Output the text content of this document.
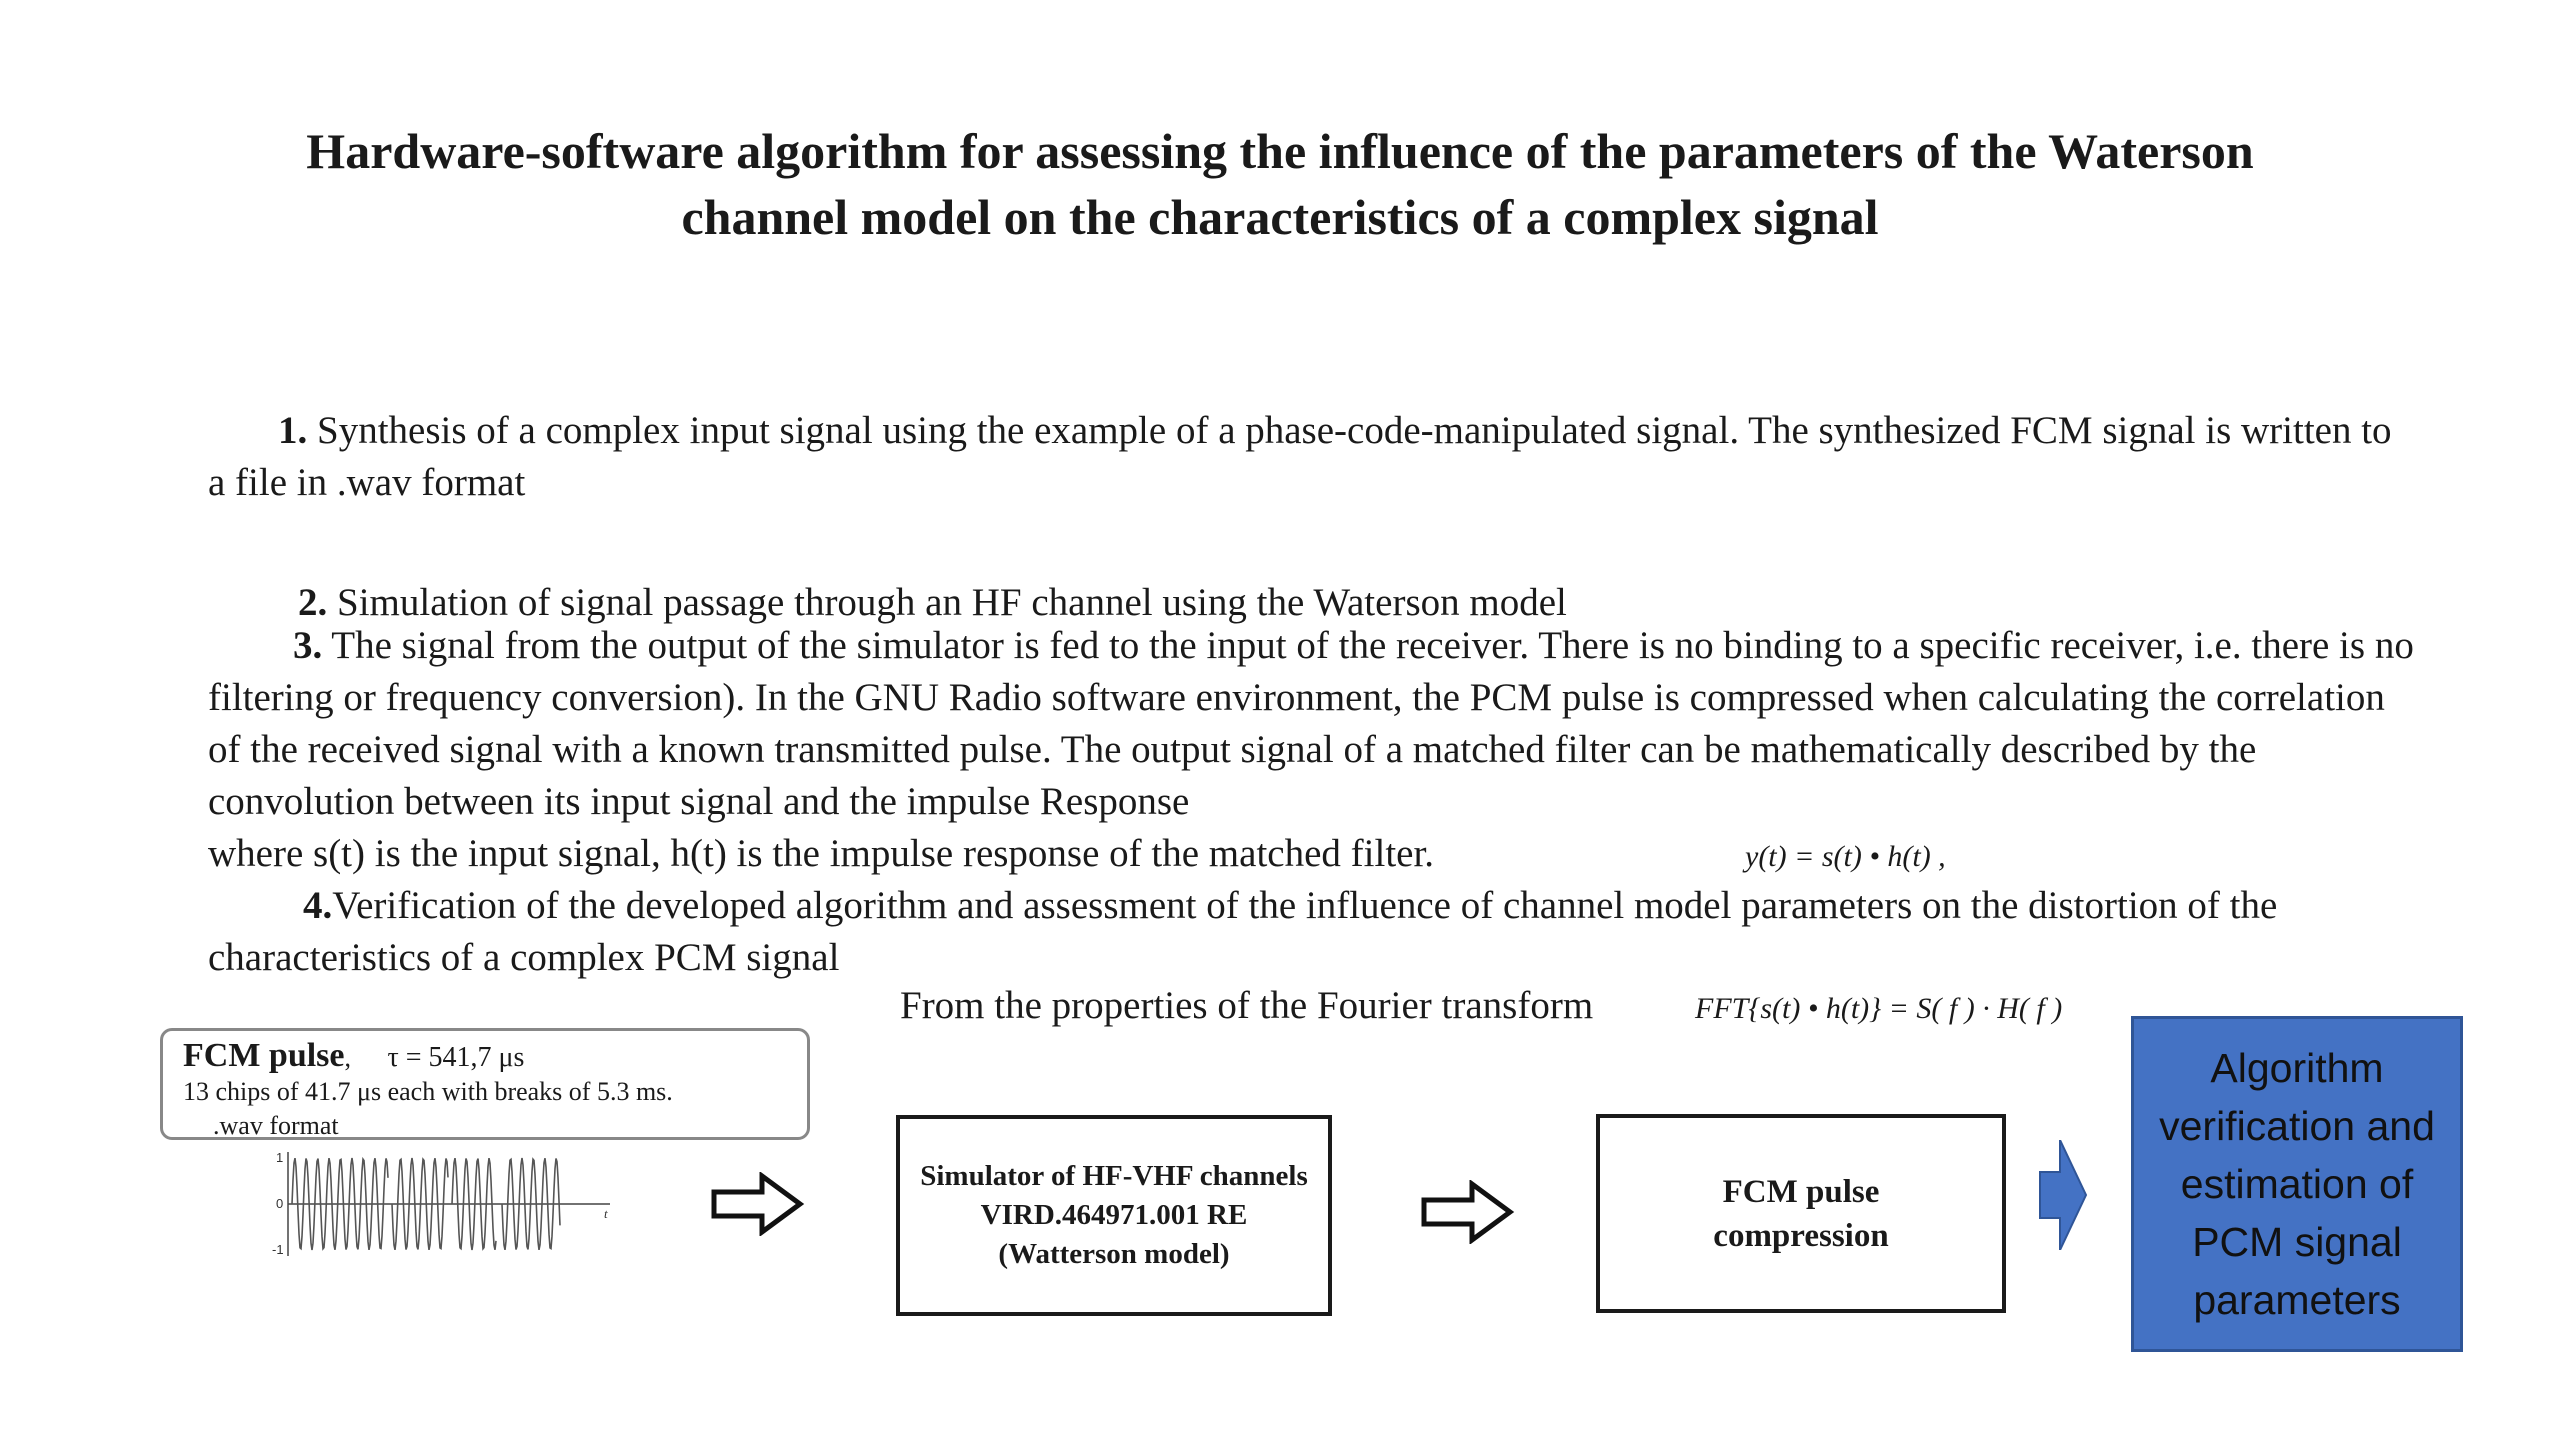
Hardware-software algorithm for assessing the influence of the parameters of the Waterson
channel model on the characteristics of a complex signal
1. Synthesis of a complex input signal using the example of a phase-code-manipulated signal. The synthesized FCM signal is written to a file in .wav format
2. Simulation of signal passage through an HF channel using the Waterson model
3. The signal from the output of the simulator is fed to the input of the receiver. There is no binding to a specific receiver, i.e. there is no filtering or frequency conversion). In the GNU Radio software environment, the PCM pulse is compressed when calculating the correlation of the received signal with a known transmitted pulse. The output signal of a matched filter can be mathematically described by the convolution between its input signal and the impulse Response
where s(t) is the input signal, h(t) is the impulse response of the matched filter.	y(t) = s(t) • h(t) ,
4.Verification of the developed algorithm and assessment of the influence of channel model parameters on the distortion of the characteristics of a complex PCM signal
From the properties of the Fourier transform	FFT{s(t) • h(t)} = S( f ) · H( f )
FCM pulse, τ = 541,7 μs
13 chips of 41.7 μs each with breaks of 5.3 ms.
.wav format
1
0
-1
t
Simulator of HF-VHF channels
VIRD.464971.001 RE
(Watterson model)
FCM pulse
compression
Algorithm verification and estimation of PCM signal parameters
